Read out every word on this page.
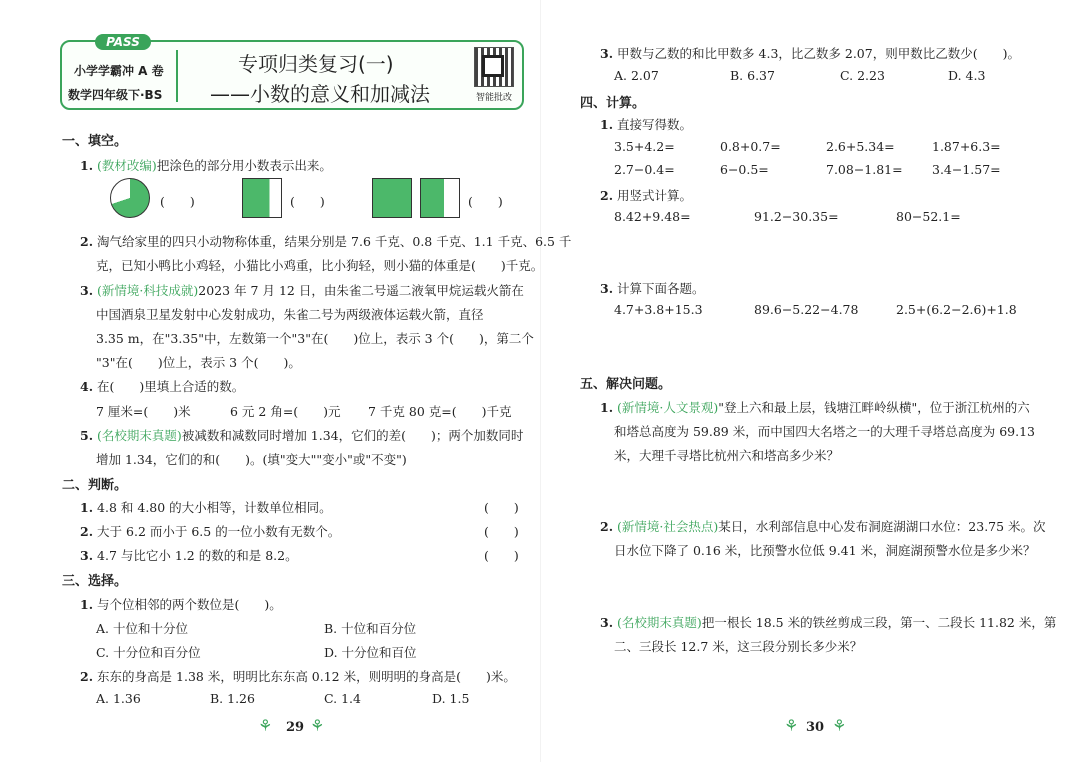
PASS
小学学霸冲 A 卷
数学四年级下·BS
专项归类复习(一)
——小数的意义和加减法	智能批改
一、填空。
1. (教材改编)把涂色的部分用小数表示出来。
(　　)	(　　)	(　　)
2. 淘气给家里的四只小动物称体重，结果分别是 7.6 千克、0.8 千克、1.1 千克、6.5 千
克，已知小鸭比小鸡轻，小猫比小鸡重，比小狗轻，则小猫的体重是(　　)千克。
3. (新情境·科技成就)2023 年 7 月 12 日，由朱雀二号遥二液氧甲烷运载火箭在
中国酒泉卫星发射中心发射成功，朱雀二号为两级液体运载火箭，直径
3.35 m，在"3.35"中，左数第一个"3"在(　　)位上，表示 3 个(　　)，第二个
"3"在(　　)位上，表示 3 个(　　)。
4. 在(　　)里填上合适的数。
7 厘米=(　　)米	6 元 2 角=(　　)元 7 千克 80 克=(　　)千克
5. (名校期末真题)被减数和减数同时增加 1.34，它们的差(　　)；两个加数同时
增加 1.34，它们的和(　　)。(填"变大""变小"或"不变")
二、判断。
1. 4.8 和 4.80 的大小相等，计数单位相同。	(　　)
2. 大于 6.2 而小于 6.5 的一位小数有无数个。	(　　)
3. 4.7 与比它小 1.2 的数的和是 8.2。	(　　)
三、选择。
1. 与个位相邻的两个数位是(　　)。
A. 十位和十分位	B. 十位和百分位
C. 十分位和百分位	D. 十分位和百位
2. 东东的身高是 1.38 米，明明比东东高 0.12 米，则明明的身高是(　　)米。
A. 1.36	B. 1.26	C. 1.4	D. 1.5
⚘ 29 ⚘
3. 甲数与乙数的和比甲数多 4.3，比乙数多 2.07，则甲数比乙数少(　　)。
A. 2.07	B. 6.37	C. 2.23	D. 4.3
四、计算。
1. 直接写得数。
3.5+4.2=	0.8+0.7=	2.6+5.34=	1.87+6.3=
2.7−0.4=	6−0.5=	7.08−1.81= 3.4−1.57=
2. 用竖式计算。
8.42+9.48=	91.2−30.35=	80−52.1=
3. 计算下面各题。
4.7+3.8+15.3	89.6−5.22−4.78	2.5+(6.2−2.6)+1.8
五、解决问题。
1. (新情境·人文景观)"登上六和最上层，钱塘江畔岭纵横"，位于浙江杭州的六
和塔总高度为 59.89 米，而中国四大名塔之一的大理千寻塔总高度为 69.13
米，大理千寻塔比杭州六和塔高多少米？
2. (新情境·社会热点)某日，水利部信息中心发布洞庭湖湖口水位：23.75 米。次
日水位下降了 0.16 米，比预警水位低 9.41 米，洞庭湖预警水位是多少米？
3. (名校期末真题)把一根长 18.5 米的铁丝剪成三段，第一、二段长 11.82 米，第
二、三段长 12.7 米，这三段分别长多少米？
⚘ 30 ⚘
